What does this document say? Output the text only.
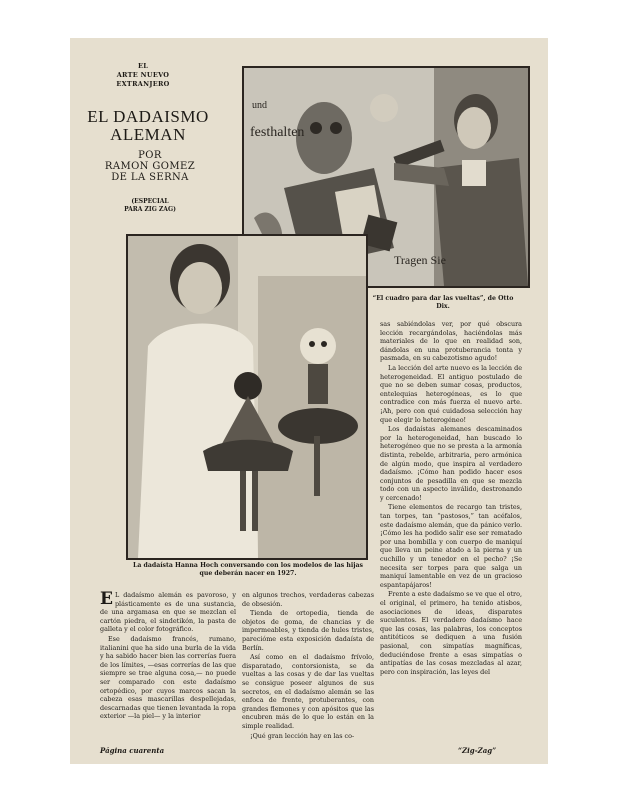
EL
ARTE NUEVO
EXTRANJERO
EL DADAISMO
ALEMAN
POR
RAMON GOMEZ
DE LA SERNA
(ESPECIAL
PARA ZIG ZAG)
und
festhalten
Tragen Sie
“El cuadro para dar las vueltas”, de Otto Dix.
La dadaísta Hanna Hoch conversando con los modelos de las hijas que deberán nacer en 1927.

E L dadaísmo alemán es pavoroso, y plásticamente es de una sustancia, de una argamasa en que se mezclan el cartón piedra, el sindetikón, la pasta de galleta y el color fotográfico.

Ese dadaísmo francés, rumano, italianini que ha sido una burla de la vida y ha sabido hacer bien las correrías fuera de los límites, —esas correrías de las que siempre se trae alguna cosa,— no puede ser comparado con este dadaísmo ortopédico, por cuyos marcos sacan la cabeza esas mascarillas despellejadas, descarnadas que tienen levantada la ropa exterior —la piel— y la interior

en algunos trechos, verdaderas cabezas de obsesión.

Tienda de ortopedia, tienda de objetos de goma, de chancias y de impermeables, y tienda de hules tristes, parecióme esta exposición dadaísta de Berlín.

Así como en el dadaísmo frívolo, disparatado, contorsionista, se da vueltas a las cosas y de dar las vueltas se consigue poseer algunos de sus secretos, en el dadaísmo alemán se las enfoca de frente, protuberantes, con grandes flemones y con apósitos que las encubren más de lo que lo están en la simple realidad.

¡Qué gran lección hay en las co-

sas sabiéndolas ver, por qué obscura lección recargándolas, haciéndolas más materiales de lo que en realidad son, dándolas en una protuberancia tonta y pasmada, en su cabezotismo agudo!

La lección del arte nuevo es la lección de heterogeneidad. El antiguo postulado de que no se deben sumar cosas, productos, entelequias heterogéneas, es lo que contradice con más fuerza el nuevo arte. ¡Ah, pero con qué cuidadosa selección hay que elegir lo heterogéneo!

Los dadaístas alemanes descaminados por la heterogeneidad, han buscado lo heterogéneo que no se presta a la armonía distinta, rebelde, arbitraria, pero armónica de algún modo, que inspira al verdadero dadaísmo. ¡Cómo han podido hacer esos conjuntos de pesadilla en que se mezcla todo con un aspecto inválido, destronando y cercenado!

Tiene elementos de recargo tan tristes, tan torpes, tan “pastosos,” tan acéfalos, este dadaísmo alemán, que da pánico verlo. ¡Cómo les ha podido salir ese ser rematado por una bombilla y con cuerpo de maniquí que lleva un peine atado a la pierna y un cuchillo y un tenedor en el pecho? ¡Se necesita ser torpes para que salga un maniquí lamentable en vez de un gracioso espantapájaros!

Frente a este dadaísmo se ve que el otro, el original, el primero, ha tenido atisbos, asociaciones de ideas, disparates suculentos. El verdadero dadaísmo hace que las cosas, las palabras, los conceptos antitéticos se dediquen a una fusión pasional, con simpatías magníficas, deduciéndose frente a esas simpatías o antipatías de las cosas mezcladas al azar, pero con inspiración, las leyes del

Página cuarenta	“Zig-Zag”
